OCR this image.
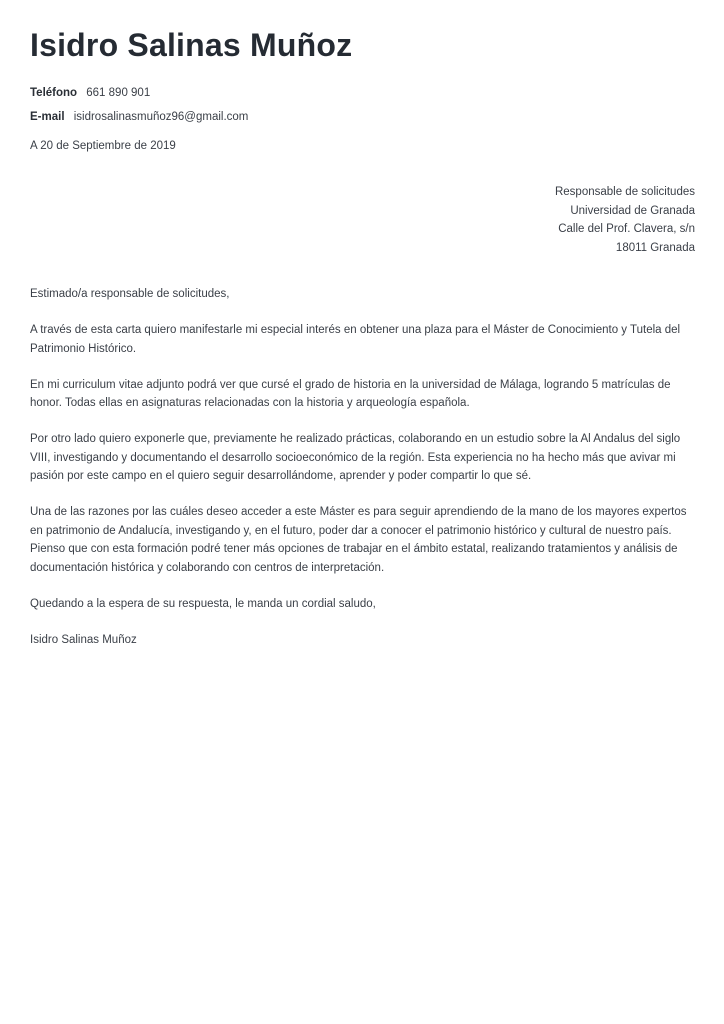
Isidro Salinas Muñoz
Teléfono 661 890 901
E-mail isidrosalinasmuñoz96@gmail.com
A 20 de Septiembre de 2019
Responsable de solicitudes
Universidad de Granada
Calle del Prof. Clavera, s/n
18011 Granada

Estimado/a responsable de solicitudes,

A través de esta carta quiero manifestarle mi especial interés en obtener una plaza para el Máster de Conocimiento y Tutela del Patrimonio Histórico.

En mi curriculum vitae adjunto podrá ver que cursé el grado de historia en la universidad de Málaga, logrando 5 matrículas de honor. Todas ellas en asignaturas relacionadas con la historia y arqueología española.

Por otro lado quiero exponerle que, previamente he realizado prácticas, colaborando en un estudio sobre la Al Andalus del siglo VIII, investigando y documentando el desarrollo socioeconómico de la región. Esta experiencia no ha hecho más que avivar mi pasión por este campo en el quiero seguir desarrollándome, aprender y poder compartir lo que sé.

Una de las razones por las cuáles deseo acceder a este Máster es para seguir aprendiendo de la mano de los mayores expertos en patrimonio de Andalucía, investigando y, en el futuro, poder dar a conocer el patrimonio histórico y cultural de nuestro país. Pienso que con esta formación podré tener más opciones de trabajar en el ámbito estatal, realizando tratamientos y análisis de documentación histórica y colaborando con centros de interpretación.

Quedando a la espera de su respuesta, le manda un cordial saludo,

Isidro Salinas Muñoz
